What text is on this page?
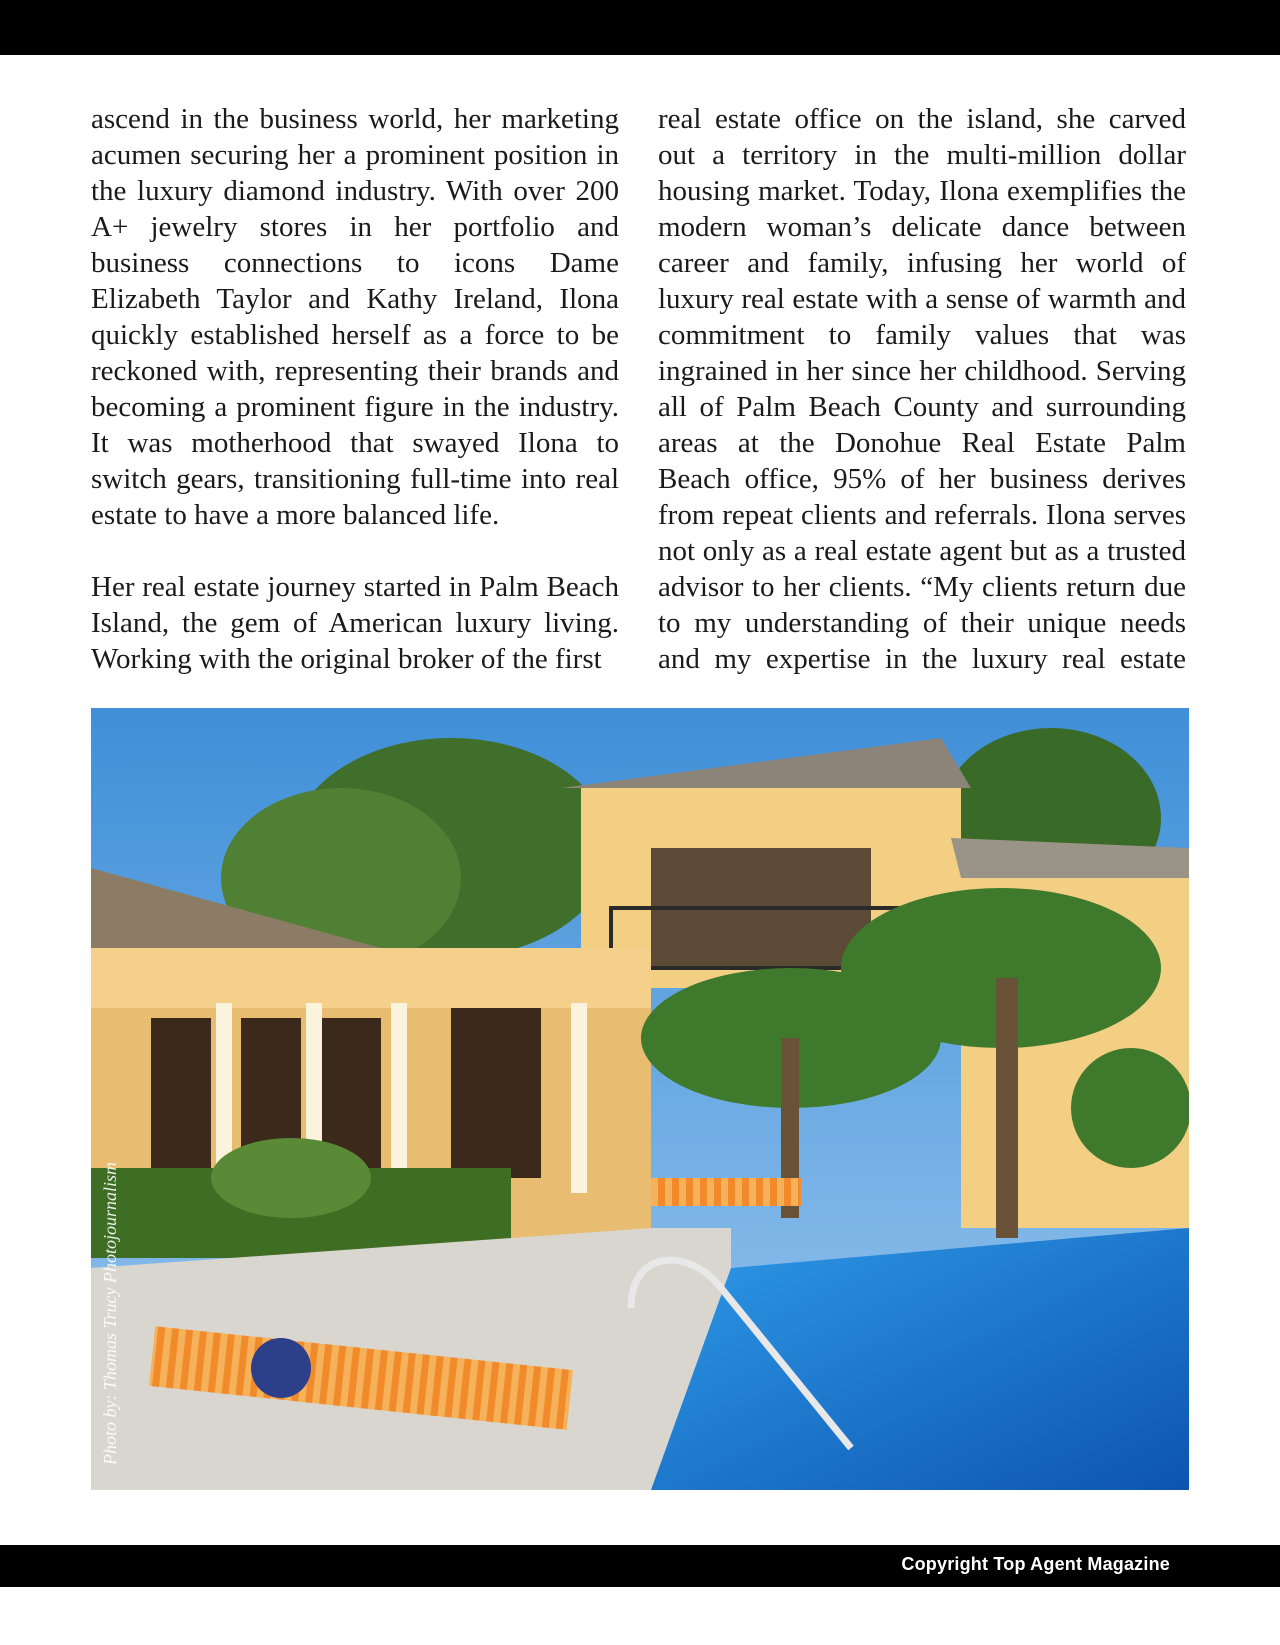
ascend in the business world, her marketing acumen securing her a prominent position in the luxury diamond industry. With over 200 A+ jewelry stores in her portfolio and business connections to icons Dame Elizabeth Taylor and Kathy Ireland, Ilona quickly established herself as a force to be reckoned with, representing their brands and becoming a prominent figure in the industry. It was motherhood that swayed Ilona to switch gears, transitioning full-time into real estate to have a more balanced life.

Her real estate journey started in Palm Beach Island, the gem of American luxury living. Working with the original broker of the first

real estate office on the island, she carved out a territory in the multi-million dollar housing market. Today, Ilona exemplifies the modern woman’s delicate dance between career and family, infusing her world of luxury real estate with a sense of warmth and commitment to family values that was ingrained in her since her childhood. Serving all of Palm Beach County and surrounding areas at the Donohue Real Estate Palm Beach office, 95% of her business derives from repeat clients and referrals. Ilona serves not only as a real estate agent but as a trusted advisor to her clients. “My clients return due to my understanding of their unique needs and my expertise in the luxury real estate

Photo by: Thomas Trucy Photojournalism
Copyright Top Agent Magazine
